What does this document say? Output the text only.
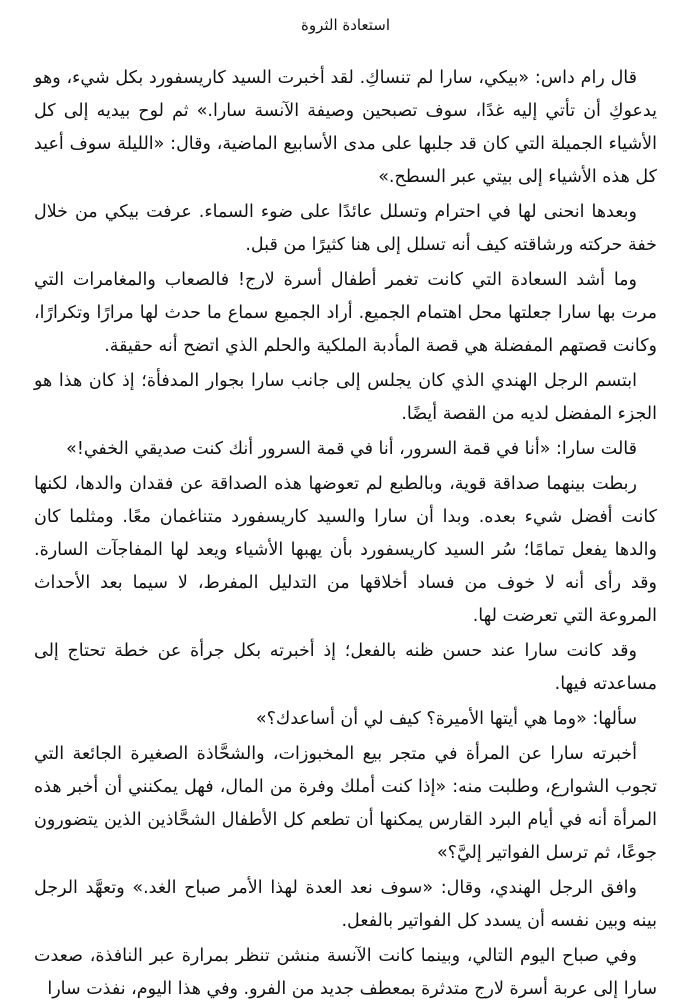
استعادة الثروة

قال رام داس: «بيكي، سارا لم تنساكِ. لقد أخبرت السيد كاريسفورد بكل شيء، وهو يدعوكِ أن تأتي إليه غدًا، سوف تصبحين وصيفة الآنسة سارا.» ثم لوح بيديه إلى كل الأشياء الجميلة التي كان قد جلبها على مدى الأسابيع الماضية، وقال: «الليلة سوف أعيد كل هذه الأشياء إلى بيتي عبر السطح.»

وبعدها انحنى لها في احترام وتسلل عائدًا على ضوء السماء. عرفت بيكي من خلال خفة حركته ورشاقته كيف أنه تسلل إلى هنا كثيرًا من قبل.

وما أشد السعادة التي كانت تغمر أطفال أسرة لارج! فالصعاب والمغامرات التي مرت بها سارا جعلتها محل اهتمام الجميع. أراد الجميع سماع ما حدث لها مرارًا وتكرارًا، وكانت قصتهم المفضلة هي قصة المأدبة الملكية والحلم الذي اتضح أنه حقيقة.

ابتسم الرجل الهندي الذي كان يجلس إلى جانب سارا بجوار المدفأة؛ إذ كان هذا هو الجزء المفضل لديه من القصة أيضًا.

قالت سارا: «أنا في قمة السرور، أنا في قمة السرور أنك كنت صديقي الخفي!»

ربطت بينهما صداقة قوية، وبالطبع لم تعوضها هذه الصداقة عن فقدان والدها، لكنها كانت أفضل شيء بعده. وبدا أن سارا والسيد كاريسفورد متناغمان معًا. ومثلما كان والدها يفعل تمامًا؛ سُر السيد كاريسفورد بأن يهبها الأشياء ويعد لها المفاجآت السارة. وقد رأى أنه لا خوف من فساد أخلاقها من التدليل المفرط، لا سيما بعد الأحداث المروعة التي تعرضت لها.

وقد كانت سارا عند حسن ظنه بالفعل؛ إذ أخبرته بكل جرأة عن خطة تحتاج إلى مساعدته فيها.

سألها: «وما هي أيتها الأميرة؟ كيف لي أن أساعدك؟»

أخبرته سارا عن المرأة في متجر بيع المخبوزات، والشحَّاذة الصغيرة الجائعة التي تجوب الشوارع، وطلبت منه: «إذا كنت أملك وفرة من المال، فهل يمكنني أن أخبر هذه المرأة أنه في أيام البرد القارس يمكنها أن تطعم كل الأطفال الشحَّاذين الذين يتضورون جوعًا، ثم ترسل الفواتير إليَّ؟»

وافق الرجل الهندي، وقال: «سوف نعد العدة لهذا الأمر صباح الغد.» وتعهَّد الرجل بينه وبين نفسه أن يسدد كل الفواتير بالفعل.

وفي صباح اليوم التالي، وبينما كانت الآنسة منشن تنظر بمرارة عبر النافذة، صعدت سارا إلى عربة أسرة لارج متدثرة بمعطف جديد من الفرو. وفي هذا اليوم، نفذت سارا
